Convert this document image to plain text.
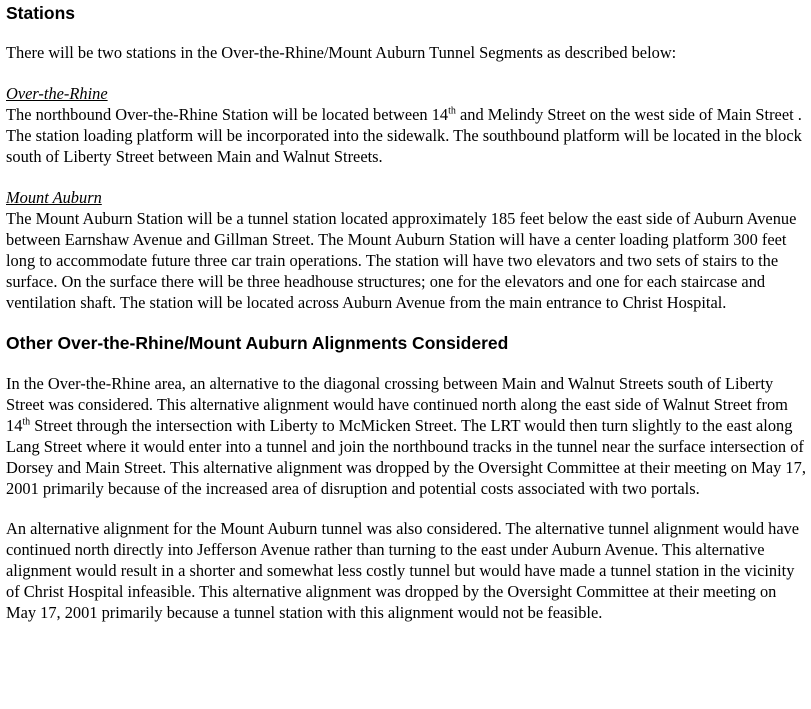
Stations

There will be two stations in the Over-the-Rhine/Mount Auburn Tunnel Segments as described below:

Over-the-Rhine

The northbound Over-the-Rhine Station will be located between 14th and Melindy Street on the west side of Main Street . The station loading platform will be incorporated into the sidewalk. The southbound platform will be located in the block south of Liberty Street between Main and Walnut Streets.

Mount Auburn

The Mount Auburn Station will be a tunnel station located approximately 185 feet below the east side of Auburn Avenue between Earnshaw Avenue and Gillman Street. The Mount Auburn Station will have a center loading platform 300 feet long to accommodate future three car train operations. The station will have two elevators and two sets of stairs to the surface. On the surface there will be three headhouse structures; one for the elevators and one for each staircase and ventilation shaft. The station will be located across Auburn Avenue from the main entrance to Christ Hospital.

Other Over-the-Rhine/Mount Auburn Alignments Considered

In the Over-the-Rhine area, an alternative to the diagonal crossing between Main and Walnut Streets south of Liberty Street was considered. This alternative alignment would have continued north along the east side of Walnut Street from 14th Street through the intersection with Liberty to McMicken Street. The LRT would then turn slightly to the east along Lang Street where it would enter into a tunnel and join the northbound tracks in the tunnel near the surface intersection of Dorsey and Main Street. This alternative alignment was dropped by the Oversight Committee at their meeting on May 17, 2001 primarily because of the increased area of disruption and potential costs associated with two portals.

An alternative alignment for the Mount Auburn tunnel was also considered. The alternative tunnel alignment would have continued north directly into Jefferson Avenue rather than turning to the east under Auburn Avenue. This alternative alignment would result in a shorter and somewhat less costly tunnel but would have made a tunnel station in the vicinity of Christ Hospital infeasible. This alternative alignment was dropped by the Oversight Committee at their meeting on May 17, 2001 primarily because a tunnel station with this alignment would not be feasible.
